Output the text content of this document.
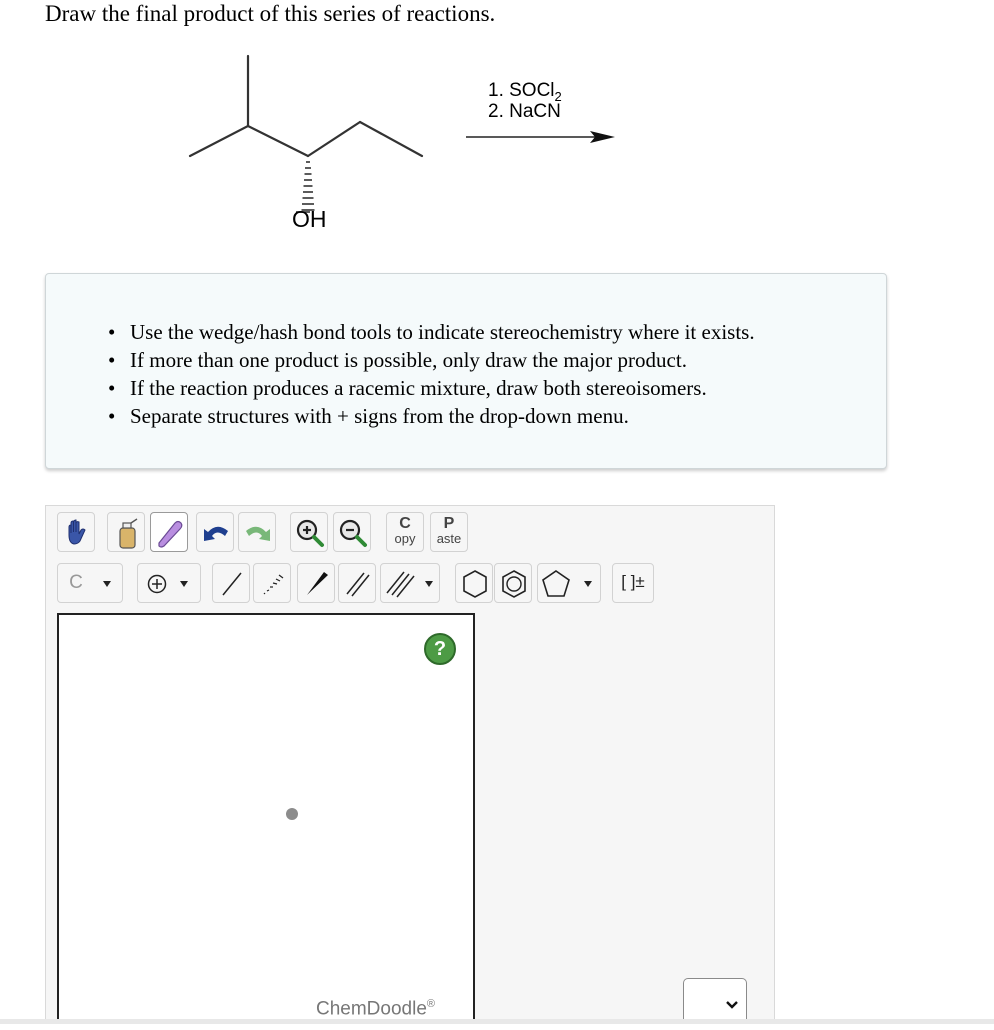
Draw the final product of this series of reactions.
OH
1. SOCl$_2$
2. NaCN
• Use the wedge/hash bond tools to indicate stereochemistry where it exists.
• If more than one product is possible, only draw the major product.
• If the reaction produces a racemic mixture, draw both stereoisomers.
• Separate structures with + signs from the drop-down menu.
C
opy
P
aste
C	[ ]±
?
ChemDoodle®
